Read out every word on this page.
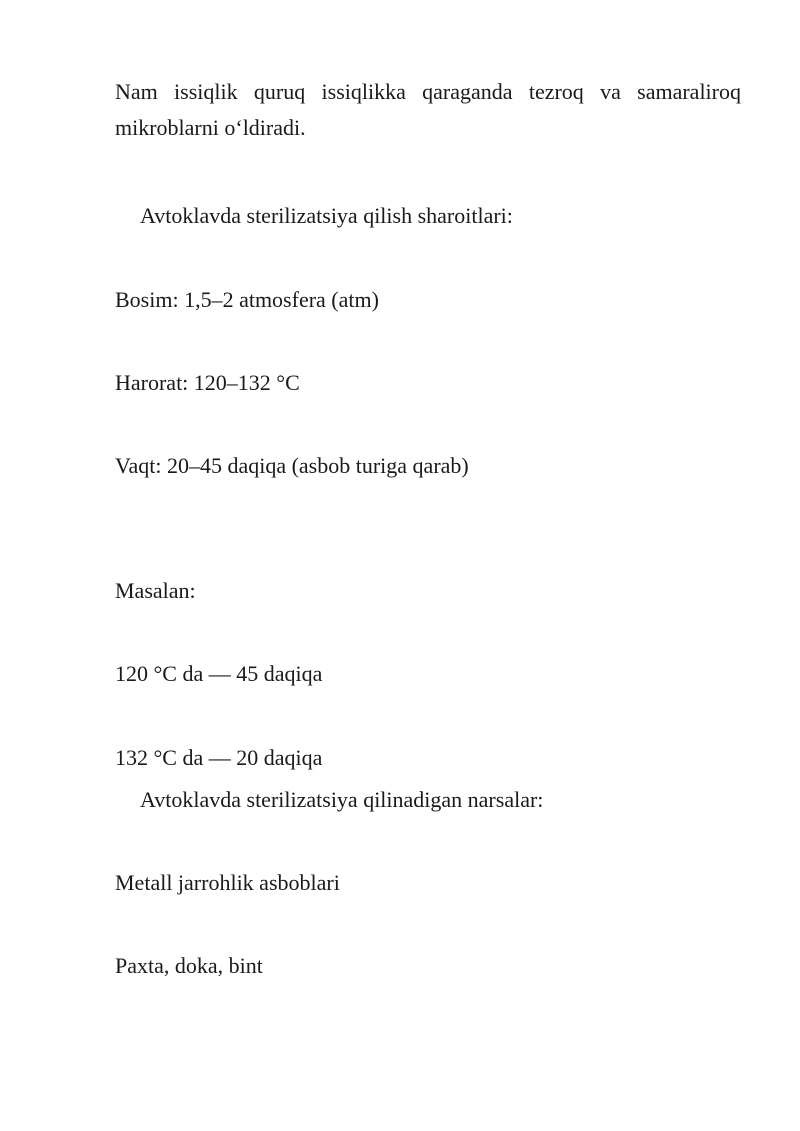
Nam issiqlik quruq issiqlikka qaraganda tezroq va samaraliroq
mikroblarni o‘ldiradi.

Avtoklavda sterilizatsiya qilish sharoitlari:

Bosim: 1,5–2 atmosfera (atm)

Harorat: 120–132 °C

Vaqt: 20–45 daqiqa (asbob turiga qarab)

Masalan:

120 °C da — 45 daqiqa

132 °C da — 20 daqiqa

Avtoklavda sterilizatsiya qilinadigan narsalar:

Metall jarrohlik asboblari

Paxta, doka, bint
